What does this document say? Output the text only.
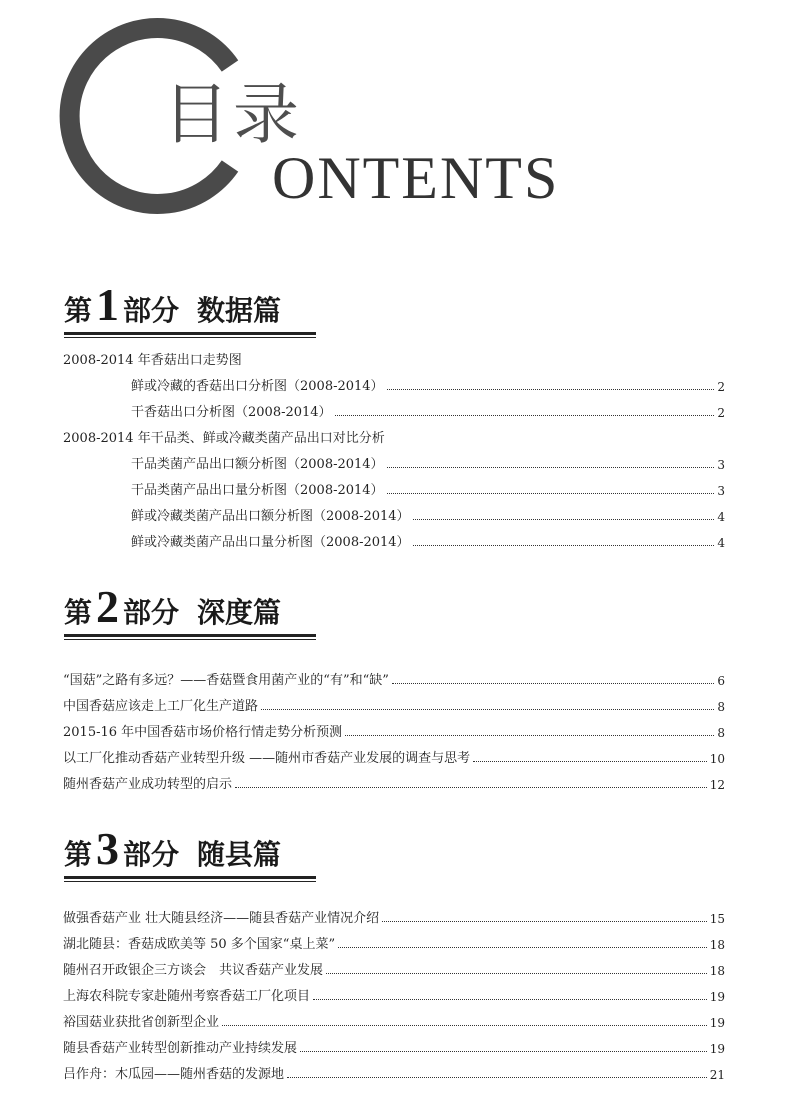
目录
ONTENTS
第 1 部分 数据篇
2008-2014 年香菇出口走势图
鲜或冷藏的香菇出口分析图（2008-2014）	2
干香菇出口分析图（2008-2014）	2
2008-2014 年干品类、鲜或冷藏类菌产品出口对比分析
干品类菌产品出口额分析图（2008-2014）	3
干品类菌产品出口量分析图（2008-2014）	3
鲜或冷藏类菌产品出口额分析图（2008-2014）	4
鲜或冷藏类菌产品出口量分析图（2008-2014）	4
第 2 部分 深度篇
“国菇”之路有多远？——香菇暨食用菌产业的“有”和“缺”	6
中国香菇应该走上工厂化生产道路	8
2015-16 年中国香菇市场价格行情走势分析预测	8
以工厂化推动香菇产业转型升级 ——随州市香菇产业发展的调查与思考	10
随州香菇产业成功转型的启示	12
第 3 部分 随县篇
做强香菇产业 壮大随县经济——随县香菇产业情况介绍	15
湖北随县：香菇成欧美等 50 多个国家“桌上菜”	18
随州召开政银企三方谈会　共议香菇产业发展	18
上海农科院专家赴随州考察香菇工厂化项目	19
裕国菇业获批省创新型企业	19
随县香菇产业转型创新推动产业持续发展	19
吕作舟：木瓜园——随州香菇的发源地	21
